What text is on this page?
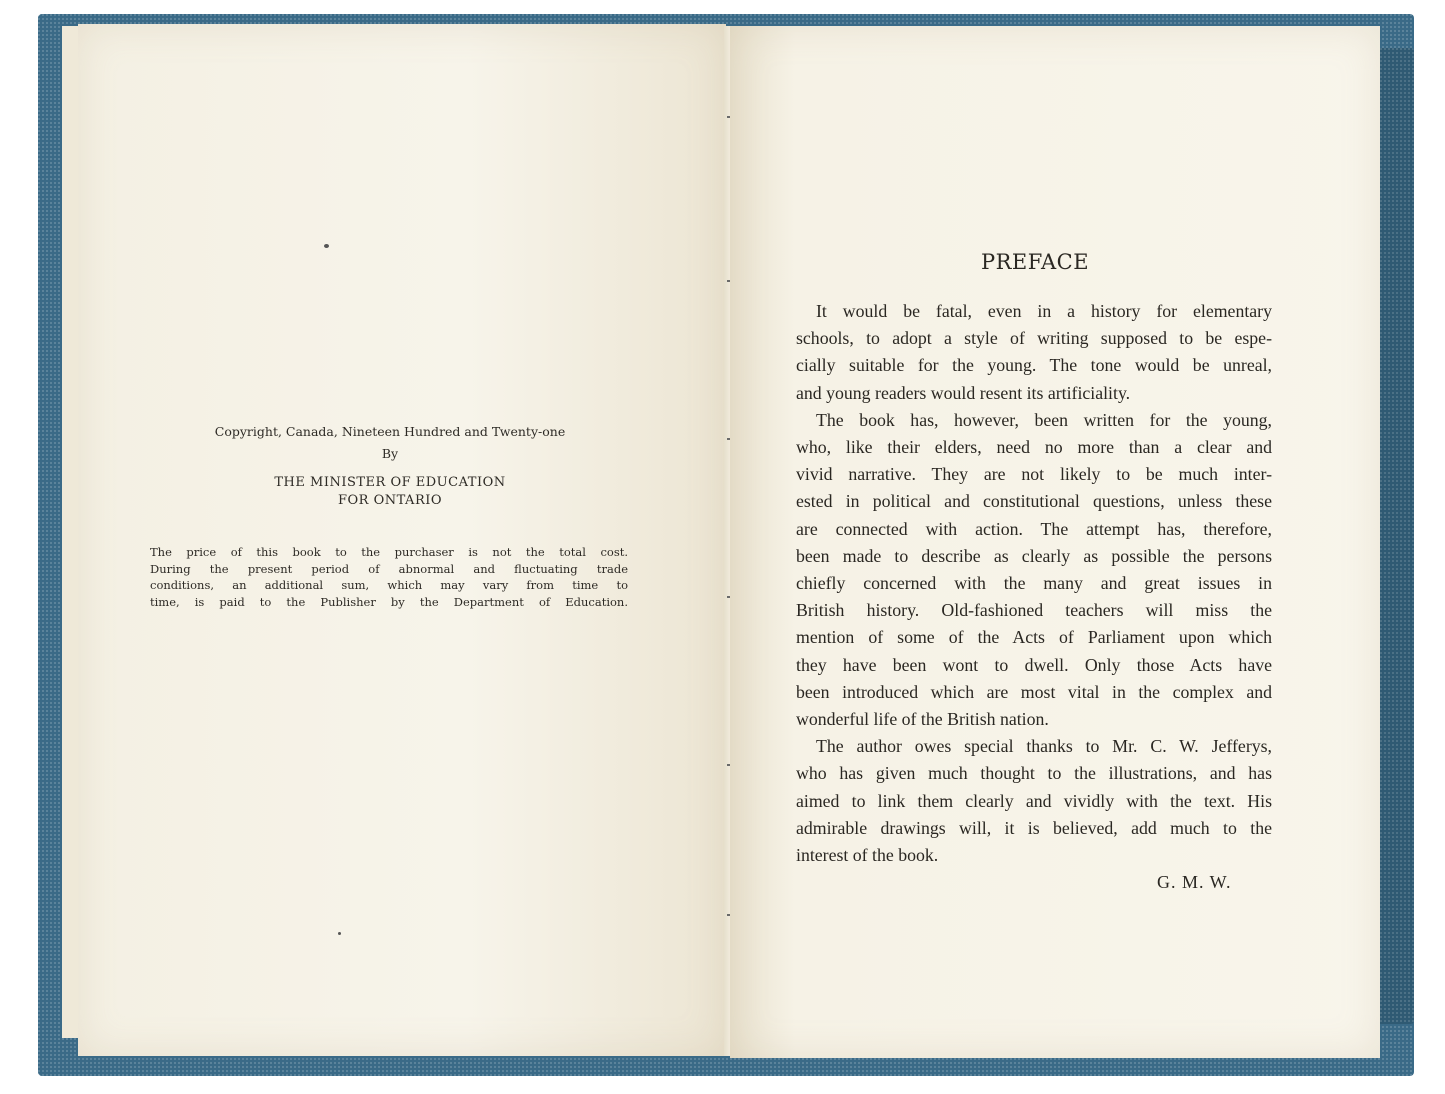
Copyright, Canada, Nineteen Hundred and Twenty-one
By
THE MINISTER OF EDUCATION
FOR ONTARIO
The price of this book to the purchaser is not the total cost.
During the present period of abnormal and fluctuating trade
conditions, an additional sum, which may vary from time to
time, is paid to the Publisher by the Department of Education.
PREFACE
It would be fatal, even in a history for elementary
schools, to adopt a style of writing supposed to be espe-
cially suitable for the young. The tone would be unreal,
and young readers would resent its artificiality.
The book has, however, been written for the young,
who, like their elders, need no more than a clear and
vivid narrative. They are not likely to be much inter-
ested in political and constitutional questions, unless these
are connected with action. The attempt has, therefore,
been made to describe as clearly as possible the persons
chiefly concerned with the many and great issues in
British history. Old-fashioned teachers will miss the
mention of some of the Acts of Parliament upon which
they have been wont to dwell. Only those Acts have
been introduced which are most vital in the complex and
wonderful life of the British nation.
The author owes special thanks to Mr. C. W. Jefferys,
who has given much thought to the illustrations, and has
aimed to link them clearly and vividly with the text. His
admirable drawings will, it is believed, add much to the
interest of the book.
G. M. W.
